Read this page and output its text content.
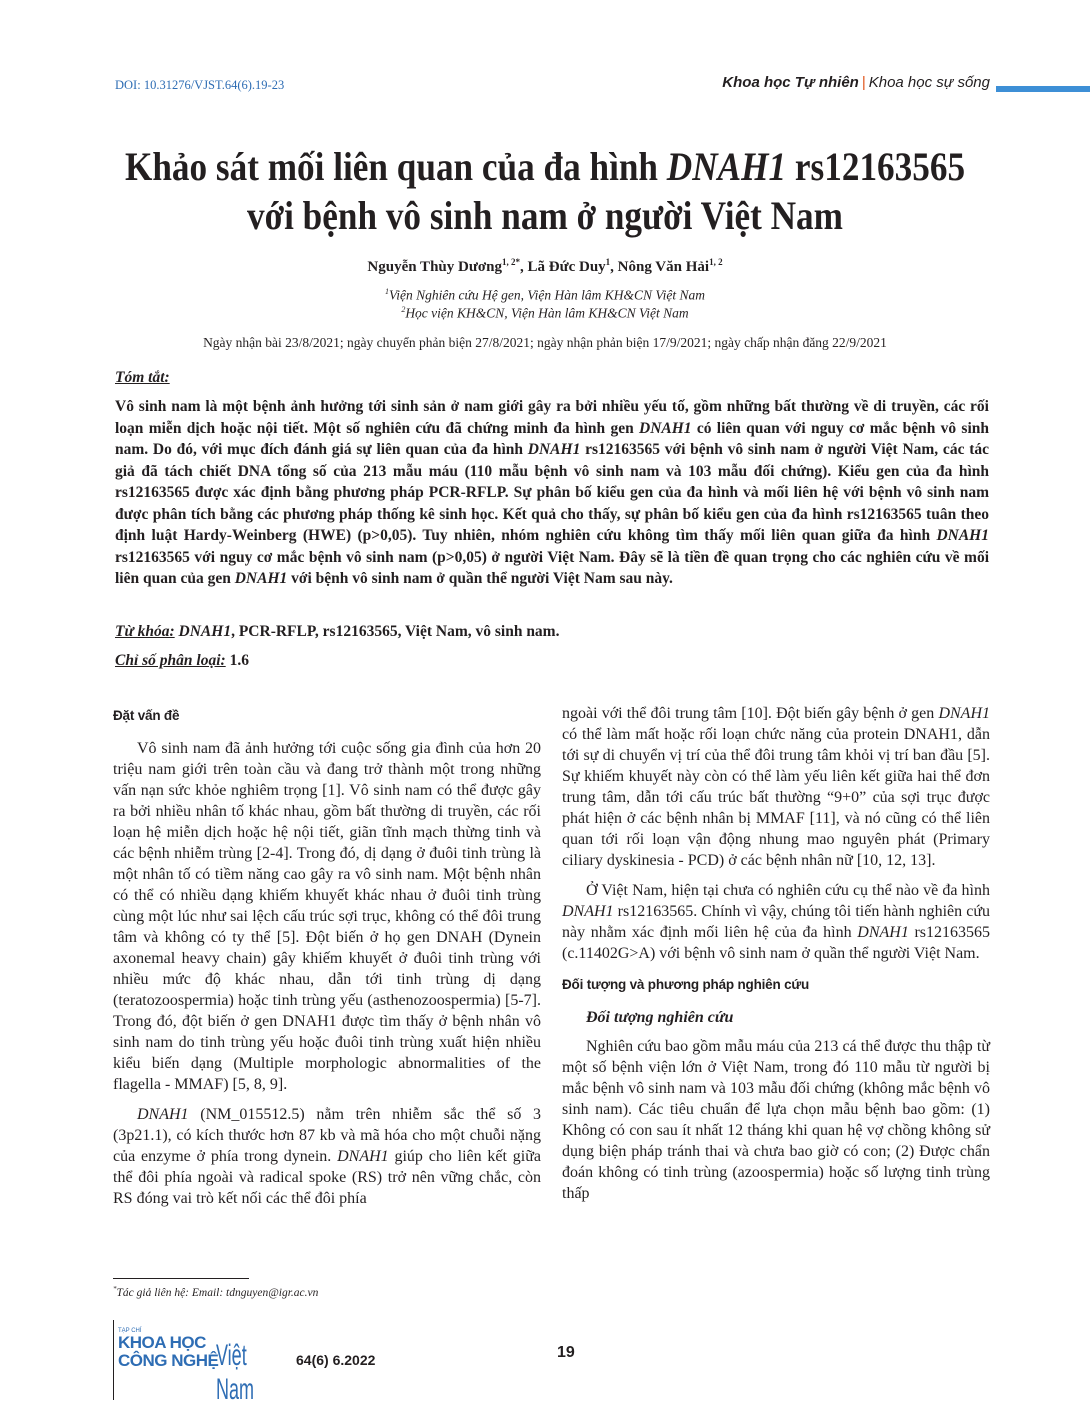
DOI: 10.31276/VJST.64(6).19-23	Khoa học Tự nhiên | Khoa học sự sống
Khảo sát mối liên quan của đa hình DNAH1 rs12163565
với bệnh vô sinh nam ở người Việt Nam
Nguyễn Thùy Dương$^{1, 2*}$, Lã Đức Duy$^1$, Nông Văn Hải$^{1, 2}$
$^1$Viện Nghiên cứu Hệ gen, Viện Hàn lâm KH&CN Việt Nam
$^2$Học viện KH&CN, Viện Hàn lâm KH&CN Việt Nam
Ngày nhận bài 23/8/2021; ngày chuyển phản biện 27/8/2021; ngày nhận phản biện 17/9/2021; ngày chấp nhận đăng 22/9/2021
Tóm tắt:
Vô sinh nam là một bệnh ảnh hưởng tới sinh sản ở nam giới gây ra bởi nhiều yếu tố, gồm những bất thường về di truyền, các rối loạn miễn dịch hoặc nội tiết. Một số nghiên cứu đã chứng minh đa hình gen DNAH1 có liên quan với nguy cơ mắc bệnh vô sinh nam. Do đó, với mục đích đánh giá sự liên quan của đa hình DNAH1 rs12163565 với bệnh vô sinh nam ở người Việt Nam, các tác giả đã tách chiết DNA tổng số của 213 mẫu máu (110 mẫu bệnh vô sinh nam và 103 mẫu đối chứng). Kiểu gen của đa hình rs12163565 được xác định bằng phương pháp PCR-RFLP. Sự phân bố kiểu gen của đa hình và mối liên hệ với bệnh vô sinh nam được phân tích bằng các phương pháp thống kê sinh học. Kết quả cho thấy, sự phân bố kiểu gen của đa hình rs12163565 tuân theo định luật Hardy-Weinberg (HWE) (p>0,05). Tuy nhiên, nhóm nghiên cứu không tìm thấy mối liên quan giữa đa hình DNAH1 rs12163565 với nguy cơ mắc bệnh vô sinh nam (p>0,05) ở người Việt Nam. Đây sẽ là tiền đề quan trọng cho các nghiên cứu về mối liên quan của gen DNAH1 với bệnh vô sinh nam ở quần thể người Việt Nam sau này.
Từ khóa: DNAH1, PCR-RFLP, rs12163565, Việt Nam, vô sinh nam.
Chỉ số phân loại: 1.6
Đặt vấn đề

Vô sinh nam đã ảnh hưởng tới cuộc sống gia đình của hơn 20 triệu nam giới trên toàn cầu và đang trở thành một trong những vấn nạn sức khỏe nghiêm trọng [1]. Vô sinh nam có thể được gây ra bởi nhiều nhân tố khác nhau, gồm bất thường di truyền, các rối loạn hệ miễn dịch hoặc hệ nội tiết, giãn tĩnh mạch thừng tinh và các bệnh nhiễm trùng [2-4]. Trong đó, dị dạng ở đuôi tinh trùng là một nhân tố có tiềm năng cao gây ra vô sinh nam. Một bệnh nhân có thể có nhiều dạng khiếm khuyết khác nhau ở đuôi tinh trùng cùng một lúc như sai lệch cấu trúc sợi trục, không có thể đôi trung tâm và không có ty thể [5]. Đột biến ở họ gen DNAH (Dynein axonemal heavy chain) gây khiếm khuyết ở đuôi tinh trùng với nhiều mức độ khác nhau, dẫn tới tinh trùng dị dạng (teratozoospermia) hoặc tinh trùng yếu (asthenozoospermia) [5-7]. Trong đó, đột biến ở gen DNAH1 được tìm thấy ở bệnh nhân vô sinh nam do tinh trùng yếu hoặc đuôi tinh trùng xuất hiện nhiều kiểu biến dạng (Multiple morphologic abnormalities of the flagella - MMAF) [5, 8, 9].

DNAH1 (NM_015512.5) nằm trên nhiễm sắc thể số 3 (3p21.1), có kích thước hơn 87 kb và mã hóa cho một chuỗi nặng của enzyme ở phía trong dynein. DNAH1 giúp cho liên kết giữa thể đôi phía ngoài và radical spoke (RS) trở nên vững chắc, còn RS đóng vai trò kết nối các thể đôi phía

ngoài với thể đôi trung tâm [10]. Đột biến gây bệnh ở gen DNAH1 có thể làm mất hoặc rối loạn chức năng của protein DNAH1, dẫn tới sự di chuyển vị trí của thể đôi trung tâm khỏi vị trí ban đầu [5]. Sự khiếm khuyết này còn có thể làm yếu liên kết giữa hai thể đơn trung tâm, dẫn tới cấu trúc bất thường “9+0” của sợi trục được phát hiện ở các bệnh nhân bị MMAF [11], và nó cũng có thể liên quan tới rối loạn vận động nhung mao nguyên phát (Primary ciliary dyskinesia - PCD) ở các bệnh nhân nữ [10, 12, 13].

Ở Việt Nam, hiện tại chưa có nghiên cứu cụ thể nào về đa hình DNAH1 rs12163565. Chính vì vậy, chúng tôi tiến hành nghiên cứu này nhằm xác định mối liên hệ của đa hình DNAH1 rs12163565 (c.11402G>A) với bệnh vô sinh nam ở quần thể người Việt Nam.

Đối tượng và phương pháp nghiên cứu
Đối tượng nghiên cứu

Nghiên cứu bao gồm mẫu máu của 213 cá thể được thu thập từ một số bệnh viện lớn ở Việt Nam, trong đó 110 mẫu từ người bị mắc bệnh vô sinh nam và 103 mẫu đối chứng (không mắc bệnh vô sinh nam). Các tiêu chuẩn để lựa chọn mẫu bệnh bao gồm: (1) Không có con sau ít nhất 12 tháng khi quan hệ vợ chồng không sử dụng biện pháp tránh thai và chưa bao giờ có con; (2) Được chẩn đoán không có tinh trùng (azoospermia) hoặc số lượng tinh trùng thấp

*Tác giả liên hệ: Email: tdnguyen@igr.ac.vn
TẠP CHÍ
KHOA HỌC
CÔNG NGHỆ
Việt Nam
64(6) 6.2022	19
